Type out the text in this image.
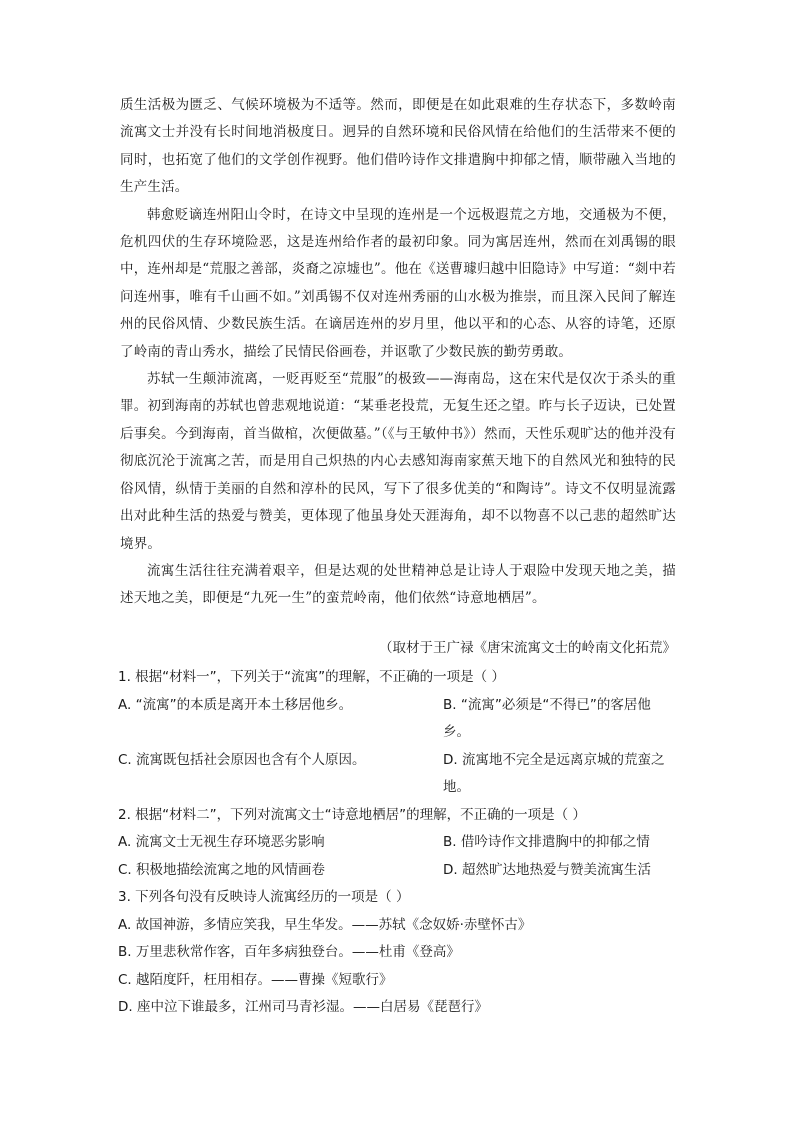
质生活极为匮乏、气候环境极为不适等。然而，即便是在如此艰难的生存状态下，多数岭南流寓文士并没有长时间地消极度日。迥异的自然环境和民俗风情在给他们的生活带来不便的同时，也拓宽了他们的文学创作视野。他们借吟诗作文排遣胸中抑郁之情，顺带融入当地的生产生活。

韩愈贬谪连州阳山令时，在诗文中呈现的连州是一个远极遐荒之方地，交通极为不便，危机四伏的生存环境险恶，这是连州给作者的最初印象。同为寓居连州，然而在刘禹锡的眼中，连州却是“荒服之善部，炎裔之凉墟也”。他在《送曹璩归越中旧隐诗》中写道：“剡中若问连州事，唯有千山画不如。”刘禹锡不仅对连州秀丽的山水极为推崇，而且深入民间了解连州的民俗风情、少数民族生活。在谪居连州的岁月里，他以平和的心态、从容的诗笔，还原了岭南的青山秀水，描绘了民情民俗画卷，并讴歌了少数民族的勤劳勇敢。

苏轼一生颠沛流离，一贬再贬至“荒服”的极致——海南岛，这在宋代是仅次于杀头的重罪。初到海南的苏轼也曾悲观地说道：“某垂老投荒，无复生还之望。昨与长子迈诀，已处置后事矣。今到海南，首当做棺，次便做墓。”（《与王敏仲书》）然而，天性乐观旷达的他并没有彻底沉沦于流寓之苦，而是用自己炽热的内心去感知海南家蕉天地下的自然风光和独特的民俗风情，纵情于美丽的自然和淳朴的民风，写下了很多优美的“和陶诗”。诗文不仅明显流露出对此种生活的热爱与赞美，更体现了他虽身处天涯海角，却不以物喜不以己悲的超然旷达境界。

流寓生活往往充满着艰辛，但是达观的处世精神总是让诗人于艰险中发现天地之美，描述天地之美，即便是“九死一生”的蛮荒岭南，他们依然“诗意地栖居”。

（取材于王广禄《唐宋流寓文士的岭南文化拓荒》

1. 根据“材料一”，下列关于“流寓”的理解，不正确的一项是（ ）

A. “流寓”的本质是离开本土移居他乡。	B. “流寓”必须是“不得已”的客居他乡。
C. 流寓既包括社会原因也含有个人原因。	D. 流寓地不完全是远离京城的荒蛮之地。

2. 根据“材料二”，下列对流寓文士“诗意地栖居”的理解，不正确的一项是（ ）

A. 流寓文士无视生存环境恶劣影响	B. 借吟诗作文排遣胸中的抑郁之情
C. 积极地描绘流寓之地的风情画卷	D. 超然旷达地热爱与赞美流寓生活

3. 下列各句没有反映诗人流寓经历的一项是（ ）

A. 故国神游，多情应笑我，早生华发。——苏轼《念奴娇·赤壁怀古》
B. 万里悲秋常作客，百年多病独登台。——杜甫《登高》
C. 越陌度阡，枉用相存。——曹操《短歌行》
D. 座中泣下谁最多，江州司马青衫湿。——白居易《琵琶行》
